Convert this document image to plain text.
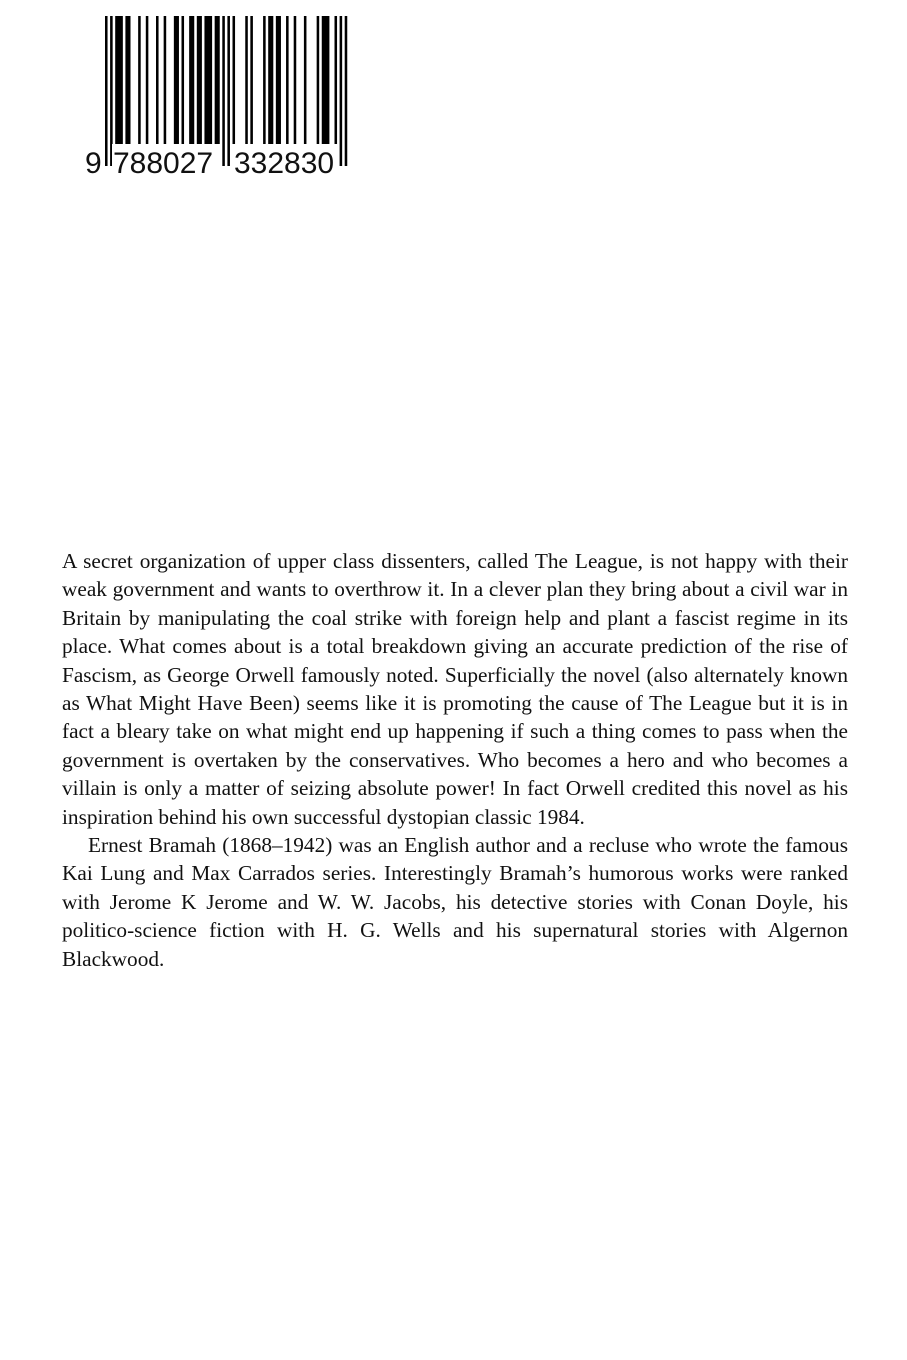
9 788027 332830

A secret organization of upper class dissenters, called The League, is not happy with their weak government and wants to overthrow it. In a clever plan they bring about a civil war in Britain by manipulating the coal strike with foreign help and plant a fascist regime in its place. What comes about is a total breakdown giving an accurate prediction of the rise of Fascism, as George Orwell famously noted. Superficially the novel (also alternately known as What Might Have Been) seems like it is promoting the cause of The League but it is in fact a bleary take on what might end up happening if such a thing comes to pass when the government is overtaken by the conservatives. Who becomes a hero and who becomes a villain is only a matter of seizing absolute power! In fact Orwell credited this novel as his inspiration behind his own successful dystopian classic 1984.

Ernest Bramah (1868–1942) was an English author and a recluse who wrote the famous Kai Lung and Max Carrados series. Interestingly Bramah’s humorous works were ranked with Jerome K Jerome and W. W. Jacobs, his detective stories with Conan Doyle, his politico-science fiction with H. G. Wells and his supernatural stories with Algernon Blackwood.
